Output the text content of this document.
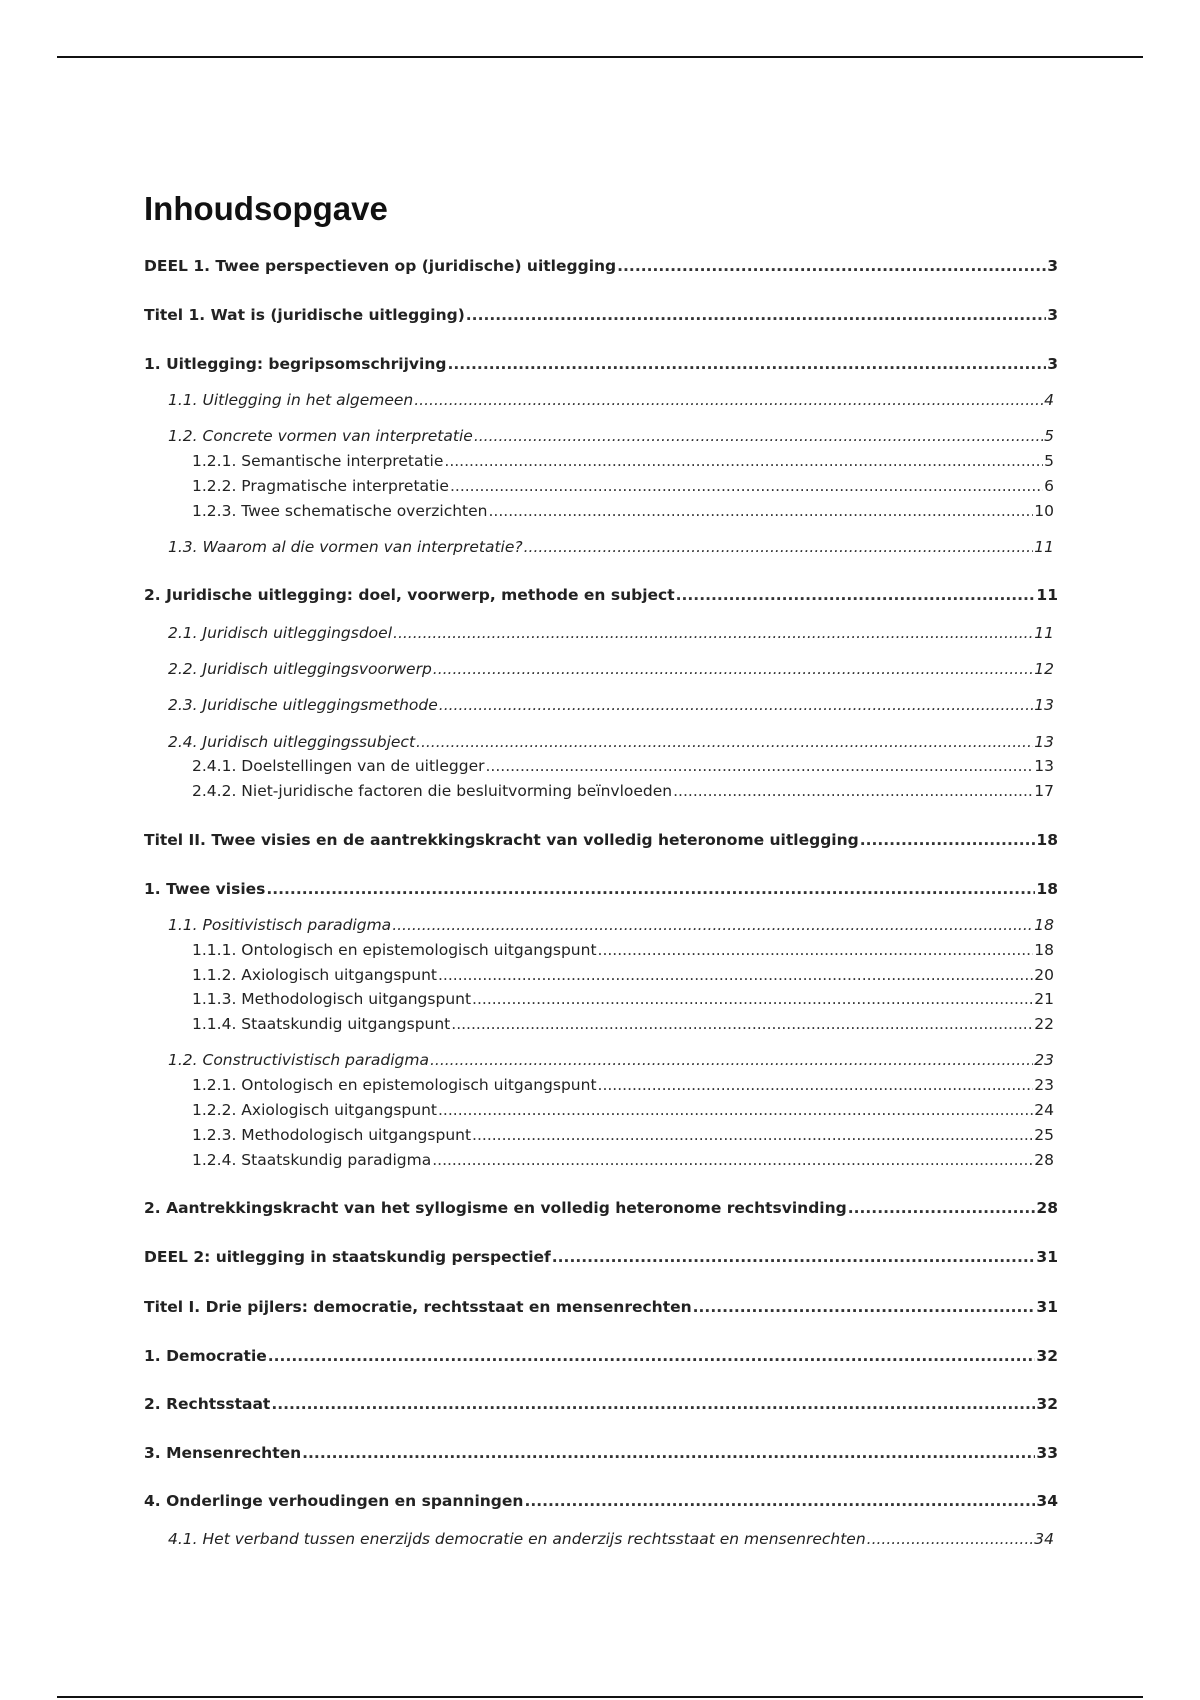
Inhoudsopgave
DEEL 1. Twee perspectieven op (juridische) uitlegging .....	3
Titel 1. Wat is (juridische uitlegging) .....	3
1. Uitlegging: begripsomschrijving .....	3
1.1. Uitlegging in het algemeen .....	4
1.2. Concrete vormen van interpretatie .....	5
1.2.1. Semantische interpretatie .....	5
1.2.2. Pragmatische interpretatie .....	6
1.2.3. Twee schematische overzichten .....	10
1.3. Waarom al die vormen van interpretatie? .....	11
2. Juridische uitlegging: doel, voorwerp, methode en subject .....	11
2.1. Juridisch uitleggingsdoel .....	11
2.2. Juridisch uitleggingsvoorwerp .....	12
2.3. Juridische uitleggingsmethode .....	13
2.4. Juridisch uitleggingssubject .....	13
2.4.1. Doelstellingen van de uitlegger .....	13
2.4.2. Niet-juridische factoren die besluitvorming beïnvloeden .....	17
Titel II. Twee visies en de aantrekkingskracht van volledig heteronome uitlegging .....	18
1. Twee visies .....	18
1.1. Positivistisch paradigma .....	18
1.1.1. Ontologisch en epistemologisch uitgangspunt .....	18
1.1.2. Axiologisch uitgangspunt .....	20
1.1.3. Methodologisch uitgangspunt .....	21
1.1.4. Staatskundig uitgangspunt .....	22
1.2. Constructivistisch paradigma .....	23
1.2.1. Ontologisch en epistemologisch uitgangspunt .....	23
1.2.2. Axiologisch uitgangspunt .....	24
1.2.3. Methodologisch uitgangspunt .....	25
1.2.4. Staatskundig paradigma .....	28
2. Aantrekkingskracht van het syllogisme en volledig heteronome rechtsvinding .....	28
DEEL 2: uitlegging in staatskundig perspectief .....	31
Titel I. Drie pijlers: democratie, rechtsstaat en mensenrechten .....	31
1. Democratie .....	32
2. Rechtsstaat .....	32
3. Mensenrechten .....	33
4. Onderlinge verhoudingen en spanningen .....	34
4.1. Het verband tussen enerzijds democratie en anderzijs rechtsstaat en mensenrechten .....	34
